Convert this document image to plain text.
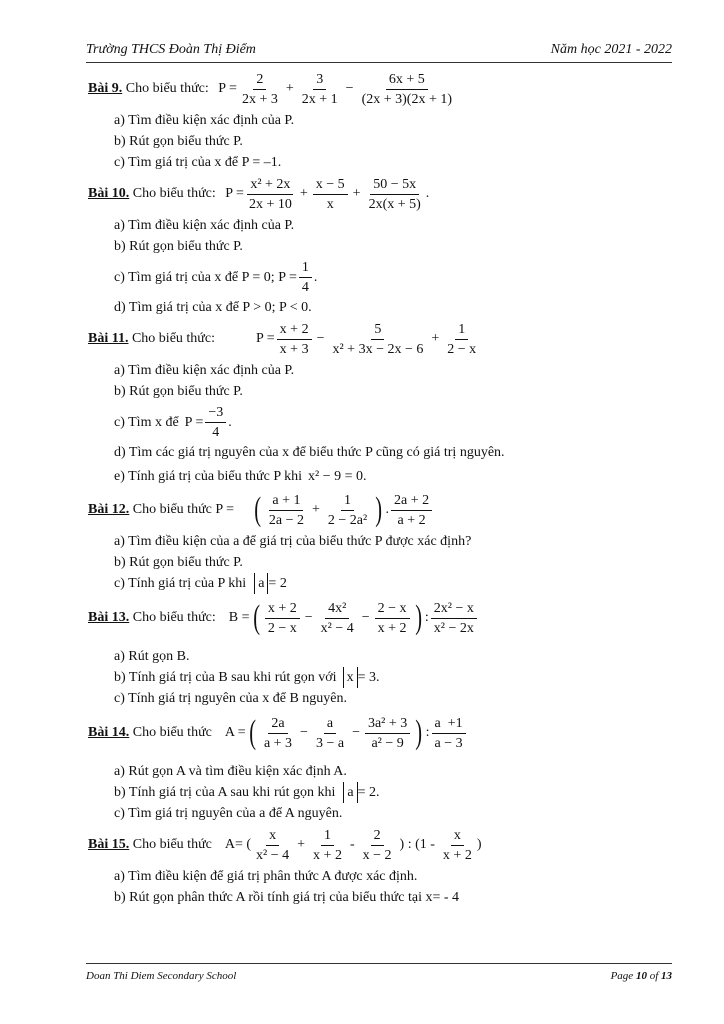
Trường THCS Đoàn Thị Điểm	Năm học 2021 - 2022
Bài 9. Cho biểu thức: $P = \frac{2}{2x + 3} + \frac{3}{2x + 1} - \frac{6x + 5}{(2x + 3)(2x + 1)}$
a) Tìm điều kiện xác định của P.
b) Rút gọn biểu thức P.
c) Tìm giá trị của x để P = –1.
Bài 10. Cho biểu thức: $P = \frac{\text{x² + 2x}}{2x + 10} + \frac{x - 5}{x} + \frac{50 - 5x}{2x(x + 5)}$ .
a) Tìm điều kiện xác định của P.
b) Rút gọn biểu thức P.
c) Tìm giá trị của x để P = 0; $P = \frac{1}{4}$ .
d) Tìm giá trị của x để P > 0; P < 0.
Bài 11. Cho biểu thức: $P = \frac{x + 2}{x + 3} - \frac{5}{\text{x² + 3x − 2x − 6}} + \frac{1}{2 - x}$
a) Tìm điều kiện xác định của P.
b) Rút gọn biểu thức P.
c) Tìm x để $P = \frac{-3}{4}$ .
d) Tìm các giá trị nguyên của x để biểu thức P cũng có giá trị nguyên.
e) Tính giá trị của biểu thức P khi x² − 9 = 0 .
Bài 12. Cho biểu thức P = ( $\frac{a + 1}{2a - 2} + \frac{1}{\text{2 − 2a²}}$ ) . $\frac{2a + 2}{a + 2}$
a) Tìm điều kiện của a để giá trị của biểu thức P được xác định?
b) Rút gọn biểu thức P.
c) Tính giá trị của P khi a = 2
Bài 13. Cho biểu thức: B = ( $\frac{x + 2}{2 - x} - \frac{\text{4x²}}{\text{x² − 4}} - \frac{2 - x}{x + 2}$ ) : $\frac{\text{2x² − x}}{\text{x² − 2x}}$
a) Rút gọn B.
b) Tính giá trị của B sau khi rút gọn với x = 3.
c) Tính giá trị nguyên của x để B nguyên.
Bài 14. Cho biểu thức A = ( $\frac{2a}{a + 3} - \frac{a}{3 - a} - \frac{\text{3a² + 3}}{\text{a² − 9}}$ ) : $\frac{a +1}{a - 3}$
a) Rút gọn A và tìm điều kiện xác định A.
b) Tính giá trị của A sau khi rút gọn khi a = 2.
c) Tìm giá trị nguyên của a để A nguyên.
Bài 15. Cho biểu thức A= ( $\frac{x}{\text{x² − 4}} + \frac{1}{x + 2} - \frac{2}{x - 2}$ ) : ($1 - \frac{x}{x + 2}$ )
a) Tìm điều kiện để giá trị phân thức A được xác định.
b) Rút gọn phân thức A rồi tính giá trị của biểu thức tại x= - 4
Doan Thi Diem Secondary School	Page 10 of 13
